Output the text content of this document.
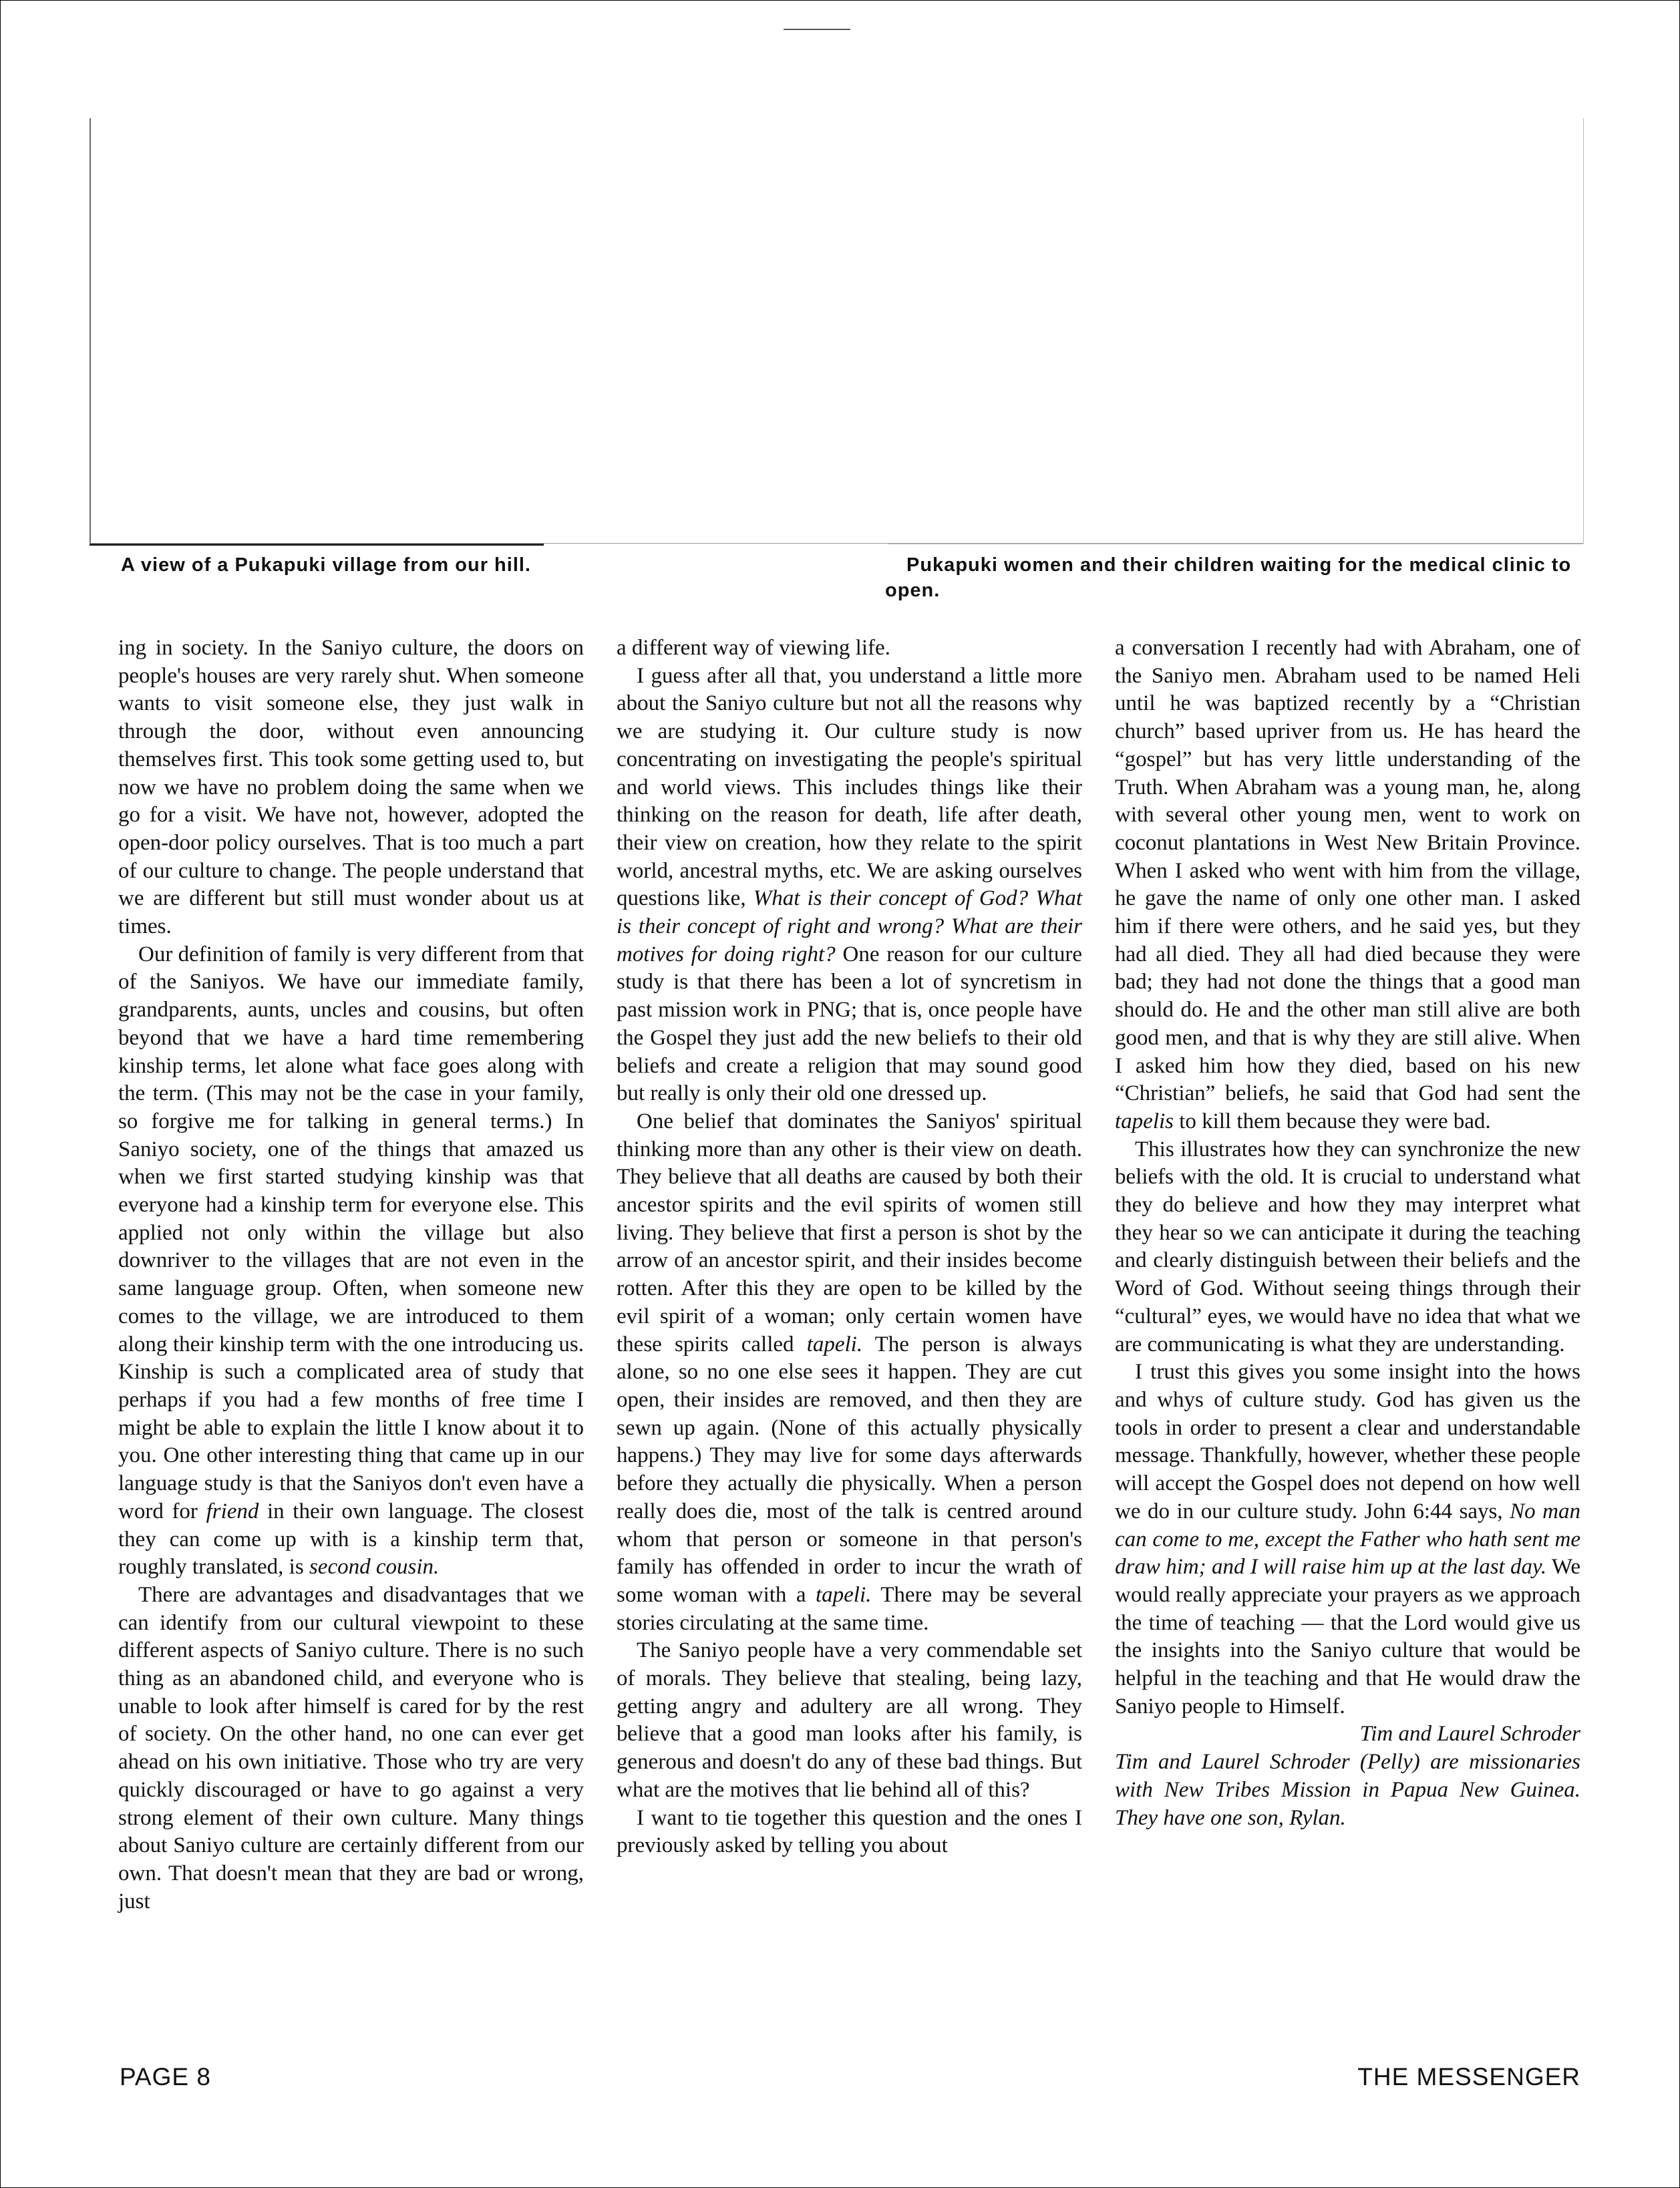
A view of a Pukapuki village from our hill.	Pukapuki women and their children waiting for the medical clinic to open.

ing in society. In the Saniyo culture, the doors on people's houses are very rarely shut. When someone wants to visit someone else, they just walk in through the door, without even announcing themselves first. This took some getting used to, but now we have no problem doing the same when we go for a visit. We have not, however, adopted the open-door policy ourselves. That is too much a part of our culture to change. The people understand that we are different but still must wonder about us at times.

Our definition of family is very different from that of the Saniyos. We have our immediate family, grandparents, aunts, uncles and cousins, but often beyond that we have a hard time remembering kinship terms, let alone what face goes along with the term. (This may not be the case in your family, so forgive me for talking in general terms.) In Saniyo society, one of the things that amazed us when we first started studying kinship was that everyone had a kinship term for everyone else. This applied not only within the village but also downriver to the villages that are not even in the same language group. Often, when someone new comes to the village, we are introduced to them along their kinship term with the one introducing us. Kinship is such a complicated area of study that perhaps if you had a few months of free time I might be able to explain the little I know about it to you. One other interesting thing that came up in our language study is that the Saniyos don't even have a word for friend in their own language. The closest they can come up with is a kinship term that, roughly translated, is second cousin.

There are advantages and disadvantages that we can identify from our cultural viewpoint to these different aspects of Saniyo culture. There is no such thing as an abandoned child, and everyone who is unable to look after himself is cared for by the rest of society. On the other hand, no one can ever get ahead on his own initiative. Those who try are very quickly discouraged or have to go against a very strong element of their own culture. Many things about Saniyo culture are certainly different from our own. That doesn't mean that they are bad or wrong, just

a different way of viewing life.

I guess after all that, you understand a little more about the Saniyo culture but not all the reasons why we are studying it. Our culture study is now concentrating on investigating the people's spiritual and world views. This includes things like their thinking on the reason for death, life after death, their view on creation, how they relate to the spirit world, ancestral myths, etc. We are asking ourselves questions like, What is their concept of God? What is their concept of right and wrong? What are their motives for doing right? One reason for our culture study is that there has been a lot of syncretism in past mission work in PNG; that is, once people have the Gospel they just add the new beliefs to their old beliefs and create a religion that may sound good but really is only their old one dressed up.

One belief that dominates the Saniyos' spiritual thinking more than any other is their view on death. They believe that all deaths are caused by both their ancestor spirits and the evil spirits of women still living. They believe that first a person is shot by the arrow of an ancestor spirit, and their insides become rotten. After this they are open to be killed by the evil spirit of a woman; only certain women have these spirits called tapeli. The person is always alone, so no one else sees it happen. They are cut open, their insides are removed, and then they are sewn up again. (None of this actually physically happens.) They may live for some days afterwards before they actually die physically. When a person really does die, most of the talk is centred around whom that person or someone in that person's family has offended in order to incur the wrath of some woman with a tapeli. There may be several stories circulating at the same time.

The Saniyo people have a very commendable set of morals. They believe that stealing, being lazy, getting angry and adultery are all wrong. They believe that a good man looks after his family, is generous and doesn't do any of these bad things. But what are the motives that lie behind all of this?

I want to tie together this question and the ones I previously asked by telling you about

a conversation I recently had with Abraham, one of the Saniyo men. Abraham used to be named Heli until he was baptized recently by a “Christian church” based upriver from us. He has heard the “gospel” but has very little understanding of the Truth. When Abraham was a young man, he, along with several other young men, went to work on coconut plantations in West New Britain Province. When I asked who went with him from the village, he gave the name of only one other man. I asked him if there were others, and he said yes, but they had all died. They all had died because they were bad; they had not done the things that a good man should do. He and the other man still alive are both good men, and that is why they are still alive. When I asked him how they died, based on his new “Christian” beliefs, he said that God had sent the tapelis to kill them because they were bad.

This illustrates how they can synchronize the new beliefs with the old. It is crucial to understand what they do believe and how they may interpret what they hear so we can anticipate it during the teaching and clearly distinguish between their beliefs and the Word of God. Without seeing things through their “cultural” eyes, we would have no idea that what we are communicating is what they are understanding.

I trust this gives you some insight into the hows and whys of culture study. God has given us the tools in order to present a clear and understandable message. Thankfully, however, whether these people will accept the Gospel does not depend on how well we do in our culture study. John 6:44 says, No man can come to me, except the Father who hath sent me draw him; and I will raise him up at the last day. We would really appreciate your prayers as we approach the time of teaching — that the Lord would give us the insights into the Saniyo culture that would be helpful in the teaching and that He would draw the Saniyo people to Himself.

Tim and Laurel Schroder

Tim and Laurel Schroder (Pelly) are missionaries with New Tribes Mission in Papua New Guinea. They have one son, Rylan.

PAGE 8	THE MESSENGER
